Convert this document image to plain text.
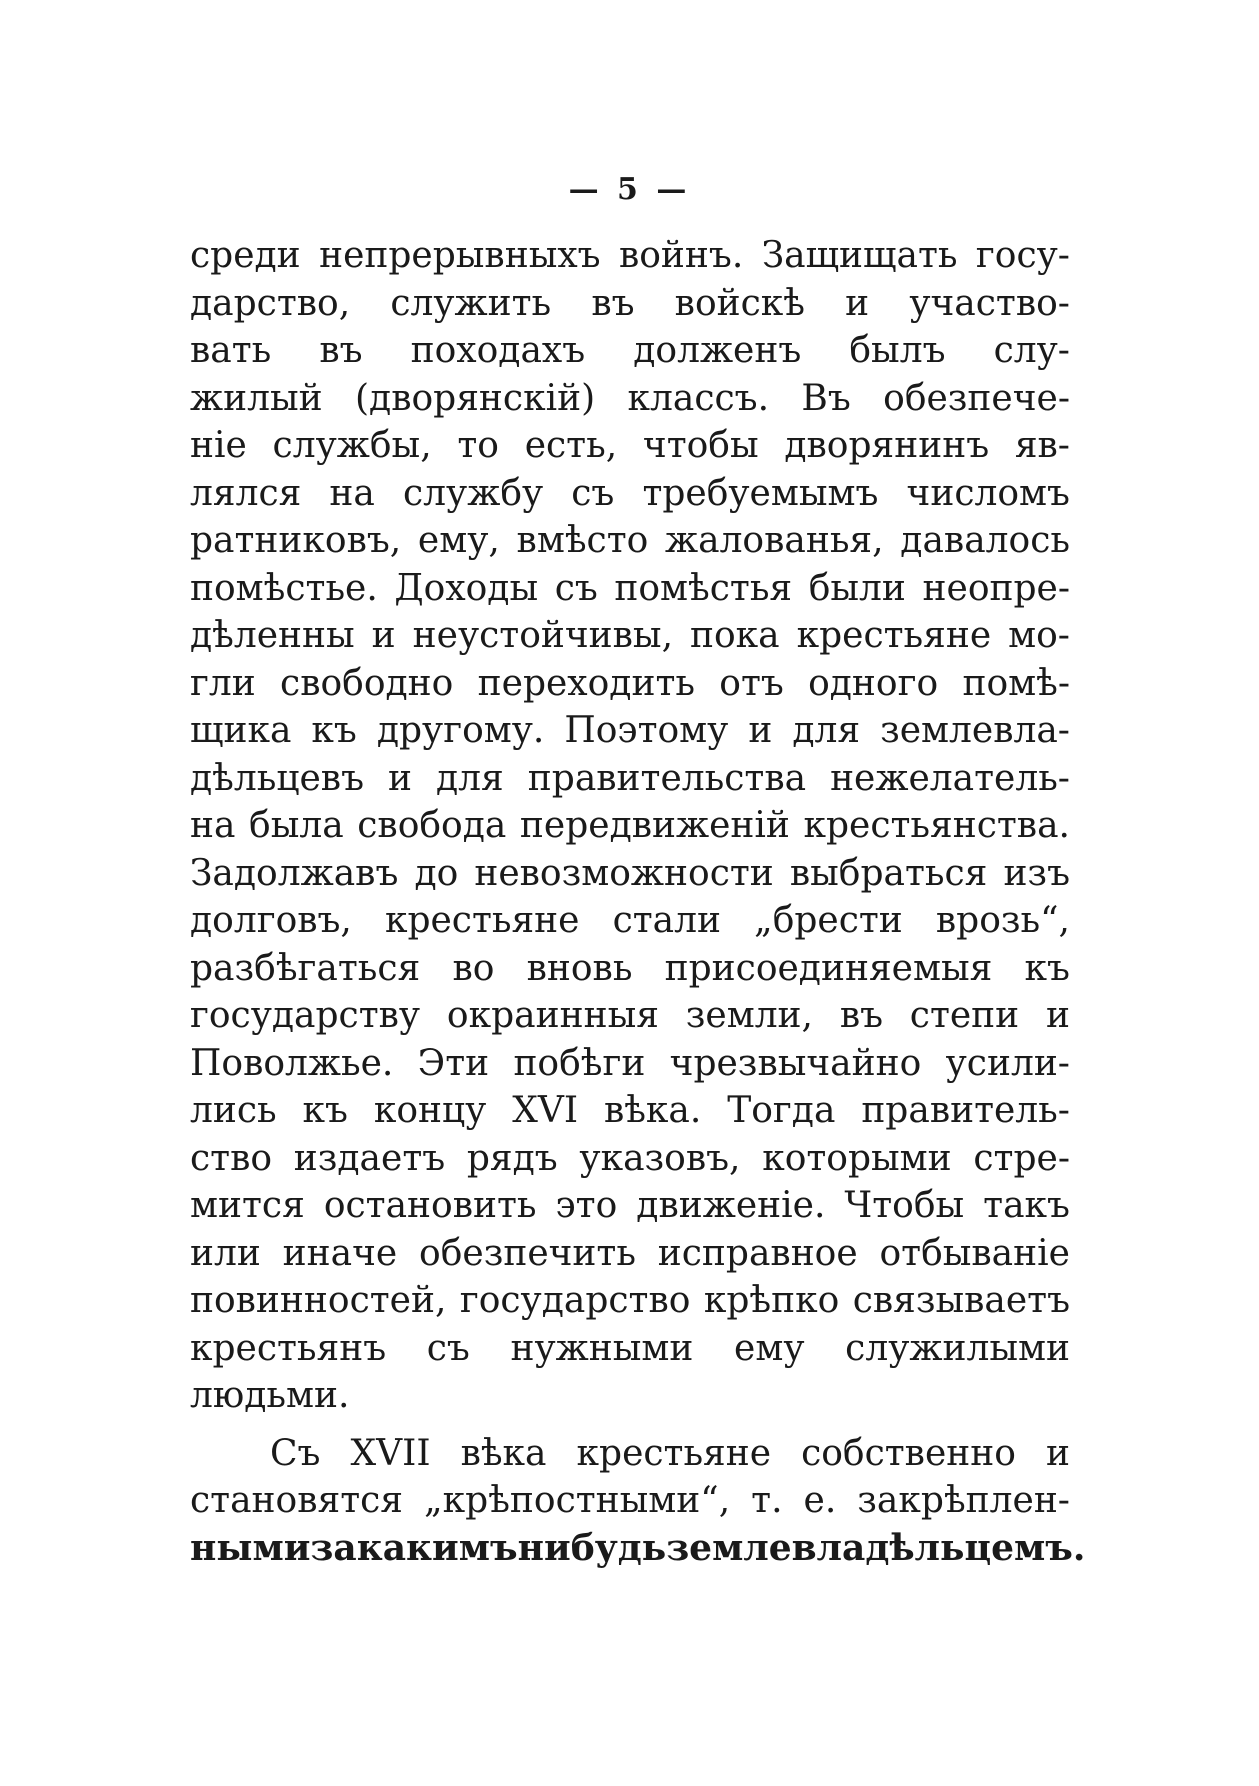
— 5 —
среди непрерывныхъ войнъ. Защищать госу-
дарство, служить въ войскѣ и участво-
вать въ походахъ долженъ былъ слу-
жилый (дворянскій) классъ. Въ обезпече-
ніе службы, то есть, чтобы дворянинъ яв-
лялся на службу съ требуемымъ числомъ
ратниковъ, ему, вмѣсто жалованья, давалось
помѣстье. Доходы съ помѣстья были неопре-
дѣленны и неустойчивы, пока крестьяне мо-
гли свободно переходить отъ одного помѣ-
щика къ другому. Поэтому и для землевла-
дѣльцевъ и для правительства нежелатель-
на была свобода передвиженій крестьянства.
Задолжавъ до невозможности выбраться изъ
долговъ, крестьяне стали „брести врозь“,
разбѣгаться во вновь присоединяемыя къ
государству окраинныя земли, въ степи и
Поволжье. Эти побѣги чрезвычайно усили-
лись къ концу XVI вѣка. Тогда правитель-
ство издаетъ рядъ указовъ, которыми стре-
мится остановить это движеніе. Чтобы такъ
или иначе обезпечить исправное отбываніе
повинностей, государство крѣпко связываетъ
крестьянъ съ нужными ему служилыми
людьми.
Съ XVII вѣка крестьяне собственно и
становятся „крѣпостными“, т. е. закрѣплен-
ными за какимъ нибудь землевладѣльцемъ.
